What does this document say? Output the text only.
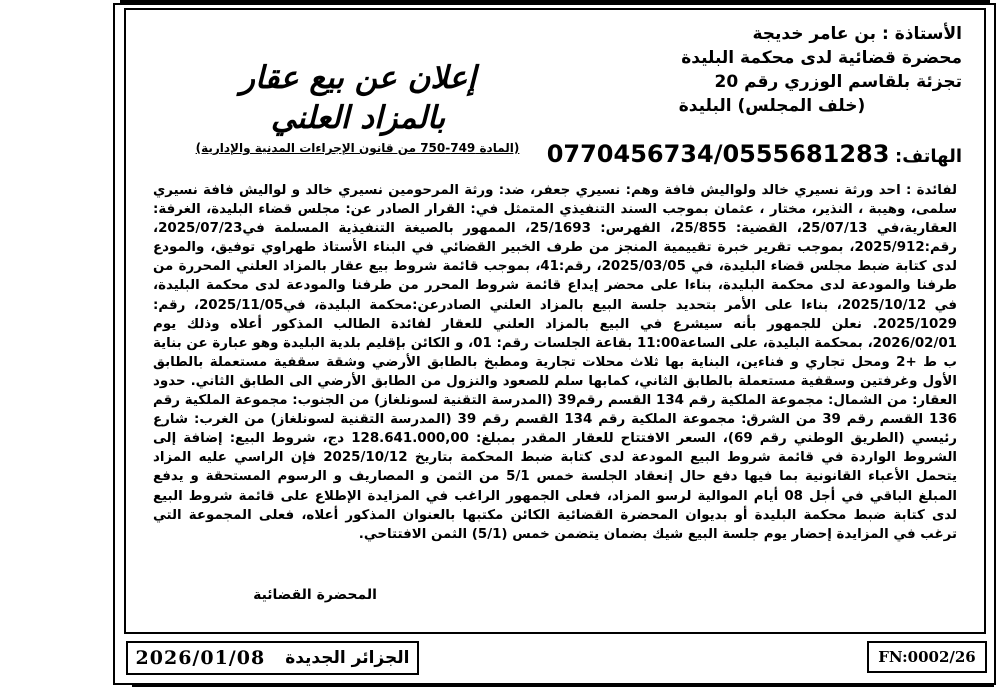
الأستاذة : بن عامر خديجة
محضرة قضائية لدى محكمة البليدة
تجزئة بلقاسم الوزري رقم 20
(خلف المجلس) البليدة
الهاتف: 0770456734/0555681283
إعلان عن بيع عقار
بالمزاد العلني
(المادة 749-750 من قانون الإجراءات المدنية والإدارية)
لفائدة : احد ورثة نسيري خالد ولواليش فافة وهم: نسيري جعفر، ضد: ورثة المرحومين نسيري خالد و لواليش فافة نسيري سلمى، وهيبة ، النذير، مختار ، عثمان بموجب السند التنفيذي المتمثل في: القرار الصادر عن: مجلس قضاء البليدة، الغرفة: العقارية،في 25/07/13، القضية: 25/855، الفهرس: 25/1693، الممهور بالصيغة التنفيذية المسلمة في2025/07/23، رقم:2025/912، بموجب تقرير خبرة تقييمية المنجز من طرف الخبير القضائي في البناء الأستاذ طهراوي توفيق، والمودع لدى كتابة ضبط مجلس قضاء البليدة، في 2025/03/05، رقم:41، بموجب قائمة شروط بيع عقار بالمزاد العلني المحررة من طرفنا والمودعة لدى محكمة البليدة، بناءا على محضر إيداع قائمة شروط المحرر من طرفنا والمودعة لدى محكمة البليدة، في 2025/10/12، بناءا على الأمر بتحديد جلسة البيع بالمزاد العلني الصادرعن:محكمة البليدة، في2025/11/05، رقم: 2025/1029. نعلن للجمهور بأنه سيشرع في البيع بالمزاد العلني للعقار لفائدة الطالب المذكور أعلاه وذلك يوم 2026/02/01، بمحكمة البليدة، على الساعة11:00 بقاعة الجلسات رقم: 01، و الكائن بإقليم بلدية البليدة وهو عبارة عن بناية ب ط +2 ومحل تجاري و فناءين، البناية بها ثلاث محلات تجارية ومطبخ بالطابق الأرضي وشقة سقفية مستعملة بالطابق الأول وغرفتين وسقفية مستعملة بالطابق الثاني، كمابها سلم للصعود والنزول من الطابق الأرضي الى الطابق الثاني. حدود العقار: من الشمال: مجموعة الملكية رقم 134 القسم رقم39 (المدرسة التقنية لسونلغاز) من الجنوب: مجموعة الملكية رقم 136 القسم رقم 39 من الشرق: مجموعة الملكية رقم 134 القسم رقم 39 (المدرسة التقنية لسونلغاز) من الغرب: شارع رئيسي (الطريق الوطني رقم 69)، السعر الافتتاح للعقار المقدر بمبلغ: 128.641.000,00 دج، شروط البيع: إضافة إلى الشروط الواردة في قائمة شروط البيع المودعة لدى كتابة ضبط المحكمة بتاريخ 2025/10/12 فإن الراسي عليه المزاد يتحمل الأعباء القانونية بما فيها دفع حال إنعقاد الجلسة خمس 5/1 من الثمن و المصاريف و الرسوم المستحقة و يدفع المبلغ الباقي في أجل 08 أيام الموالية لرسو المزاد، فعلى الجمهور الراغب في المزايدة الإطلاع على قائمة شروط البيع لدى كتابة ضبط محكمة البليدة أو بديوان المحضرة القضائية الكائن مكتبها بالعنوان المذكور أعلاه، فعلى المجموعة التي ترغب في المزايدة إحضار يوم جلسة البيع شيك بضمان يتضمن خمس (5/1) الثمن الافتتاحي.
المحضرة القضائية
الجزائر الجديدة
2026/01/08	FN:0002/26
